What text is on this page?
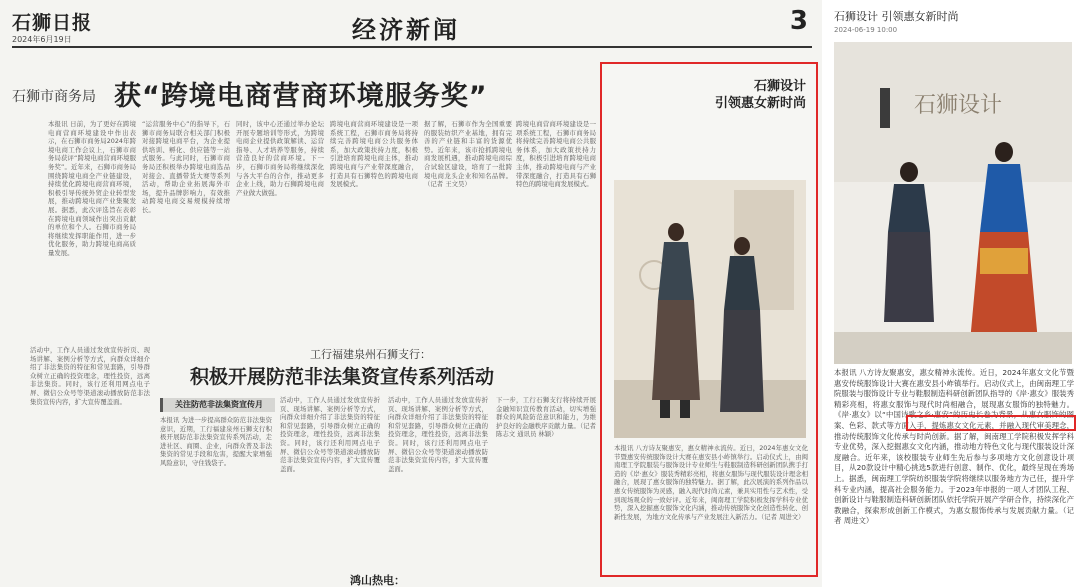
石狮日报
2024年6月19日	经济新闻	3
石狮市商务局 获“跨境电商营商环境服务奖”
本报讯 日前，为了更好在跨境电商营商环境建设中作出表示，在石狮市商务局2024年跨境电商工作会议上，石狮市商务局获评“跨境电商营商环境服务奖”。近年来，石狮市商务局围绕跨境电商全产业链建设，持续优化跨境电商营商环境，积极引导传统外贸企业转型发展，推动跨境电商产业集聚发展。据悉，此次评选旨在表彰在跨境电商领域作出突出贡献的单位和个人。石狮市商务局将继续发挥职能作用，进一步优化服务，助力跨境电商高质量发展。
“运营服务中心”的指导下，石狮市商务局联合相关部门积极对接跨境电商平台，为企业提供培训、孵化、供应链等一站式服务。与此同时，石狮市商务局还积极举办跨境电商选品对接会、直播带货大赛等系列活动，帮助企业拓展海外市场，提升品牌影响力，有效推动跨境电商交易规模持续增长。
同时，该中心还通过举办论坛开展专题培训等形式，为跨境电商企业提供政策解读、运营指导、人才培养等服务，持续营造良好的营商环境。下一步，石狮市商务局将继续深化与各大平台的合作，推动更多企业上线，助力石狮跨境电商产业做大做强。
跨境电商营商环境建设是一项系统工程，石狮市商务局将持续完善跨境电商公共服务体系，加大政策扶持力度，积极引进培育跨境电商主体，推动跨境电商与产业带深度融合，打造具有石狮特色的跨境电商发展模式。
据了解，石狮市作为全国重要的服装纺织产业基地，拥有完善的产业链和丰富的货源优势。近年来，该市抢抓跨境电商发展机遇，推动跨境电商综合试验区建设，培育了一批跨境电商龙头企业和知名品牌。（记者 王文昊）
跨境电商营商环境建设是一项系统工程，石狮市商务局将持续完善跨境电商公共服务体系，加大政策扶持力度，积极引进培育跨境电商主体，推动跨境电商与产业带深度融合，打造具有石狮特色的跨境电商发展模式。
活动中，工作人员通过发放宣传折页、现场讲解、案例分析等方式，向群众详细介绍了非法集资的特征和常见套路，引导群众树立正确的投资理念，理性投资，远离非法集资。同时，该行还利用网点电子屏、微信公众号等渠道滚动播放防范非法集资宣传内容，扩大宣传覆盖面。
工行福建泉州石狮支行：
积极开展防范非法集资宣传系列活动
关注防范非法集资宣传月
本报讯 为进一步提高群众防范非法集资意识，近期，工行福建泉州石狮支行积极开展防范非法集资宣传系列活动，走进社区、商圈、企业，向群众普及非法集资的常见手段和危害，提醒大家增强风险意识，守住钱袋子。
活动中，工作人员通过发放宣传折页、现场讲解、案例分析等方式，向群众详细介绍了非法集资的特征和常见套路，引导群众树立正确的投资理念，理性投资，远离非法集资。同时，该行还利用网点电子屏、微信公众号等渠道滚动播放防范非法集资宣传内容，扩大宣传覆盖面。
活动中，工作人员通过发放宣传折页、现场讲解、案例分析等方式，向群众详细介绍了非法集资的特征和常见套路，引导群众树立正确的投资理念，理性投资，远离非法集资。同时，该行还利用网点电子屏、微信公众号等渠道滚动播放防范非法集资宣传内容，扩大宣传覆盖面。
下一步，工行石狮支行将持续开展金融知识宣传教育活动，切实增强群众的风险防范意识和能力，为维护良好的金融秩序贡献力量。（记者 陈志文 通讯员 林颖）
鸿山热电：
石狮设计
引领惠女新时尚
本报讯 八方诗友聚惠安，惠女精神永流传。近日，2024年惠女文化节暨惠安传统服饰设计大赛在惠安县小岞镇举行。启动仪式上，由闽南理工学院服装与服饰设计专业师生与鞋服制造科研创新团队携手打造的《岸·惠女》服装秀精彩亮相，将惠女服饰与现代服装设计理念相融合，展现了惠女服饰的独特魅力。据了解，此次展演的系列作品以惠女传统服饰为灵感，融入现代时尚元素，兼具实用性与艺术性，受到现场观众的一致好评。近年来，闽南理工学院积极发挥学科专业优势，深入挖掘惠女服饰文化内涵，推动传统服饰文化创造性转化、创新性发展，为地方文化传承与产业发展注入新活力。（记者 周进文）
石狮设计 引领惠女新时尚
2024-06-19 10:00
石狮设计
本报讯 八方诗友聚惠安，惠女精神永流传。近日，2024年惠女文化节暨惠安传统服饰设计大赛在惠安县小岞镇举行。启动仪式上，由闽南理工学院服装与服饰设计专业与鞋服制造科研创新团队指导的《岸·惠女》服装秀精彩亮相，将惠女服饰与现代时尚相融合，展现惠女服饰的独特魅力。《岸·惠女》以“中国诗歌之乡·惠安”的历史长卷为背景，从惠女服饰的图案、色彩、款式等方面入手，提炼惠女文化元素，并融入现代审美理念，推动传统服饰文化传承与时尚创新。据了解，闽南理工学院积极发挥学科专业优势，深入挖掘惠女文化内涵，推动地方特色文化与现代服装设计深度融合。近年来，该校服装专业师生先后参与多项地方文化创意设计项目，从20款设计中精心挑选5款进行创意、制作、优化，最终呈现在秀场上。据悉，闽南理工学院纺织服装学院将继续以服务地方为己任，提升学科专业内涵，提高社会服务能力。于2023年申报的一项人才团队工程、创新设计与鞋服制造科研创新团队依托学院开展产学研合作，持续深化产教融合，探索形成创新工作模式，为惠女服饰传承与发展贡献力量。（记者 周进文）
